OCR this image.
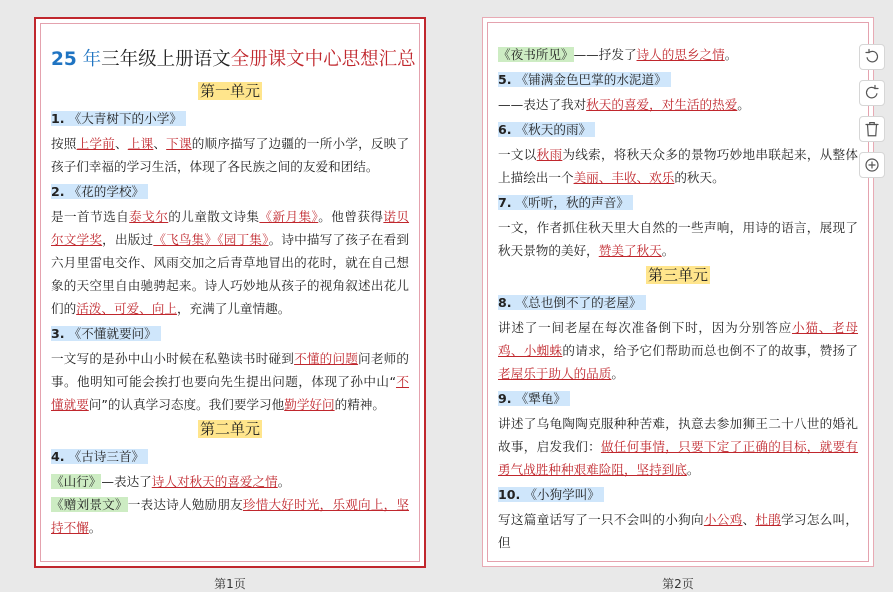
25 年三年级上册语文全册课文中心思想汇总

第一单元

1. 《大青树下的小学》

按照上学前、上课、下课的顺序描写了边疆的一所小学，反映了孩子们幸福的学习生活，体现了各民族之间的友爱和团结。

2. 《花的学校》

是一首节选自泰戈尔的儿童散文诗集《新月集》。他曾获得诺贝尔文学奖，出版过《飞鸟集》《园丁集》。诗中描写了孩子在看到六月里雷电交作、风雨交加之后青草地冒出的花时，就在自己想象的天空里自由驰骋起来。诗人巧妙地从孩子的视角叙述出花儿们的活泼、可爱、向上，充满了儿童情趣。

3. 《不懂就要问》

一文写的是孙中山小时候在私塾读书时碰到不懂的问题问老师的事。他明知可能会挨打也要向先生提出问题，体现了孙中山“不懂就要问”的认真学习态度。我们要学习他勤学好问的精神。

第二单元

4. 《古诗三首》

《山行》—表达了诗人对秋天的喜爱之情。

《赠刘景文》一表达诗人勉励朋友珍惜大好时光，乐观向上，坚持不懈。

《夜书所见》——抒发了诗人的思乡之情。

5. 《铺满金色巴掌的水泥道》

——表达了我对秋天的喜爱，对生活的热爱。

6. 《秋天的雨》

一文以秋雨为线索，将秋天众多的景物巧妙地串联起来，从整体上描绘出一个美丽、丰收、欢乐的秋天。

7. 《听听，秋的声音》

一文，作者抓住秋天里大自然的一些声响，用诗的语言，展现了秋天景物的美好，赞美了秋天。

第三单元

8. 《总也倒不了的老屋》

讲述了一间老屋在每次准备倒下时，因为分别答应小猫、老母鸡、小蜘蛛的请求，给予它们帮助而总也倒不了的故事，赞扬了老屋乐于助人的品质。

9. 《犟龟》

讲述了乌龟陶陶克服种种苦难，执意去参加狮王二十八世的婚礼故事，启发我们：做任何事情，只要下定了正确的目标，就要有勇气战胜种种艰难险阻，坚持到底。

10. 《小狗学叫》

写这篇童话写了一只不会叫的小狗向小公鸡、杜鹃学习怎么叫，但

第1页	第2页
